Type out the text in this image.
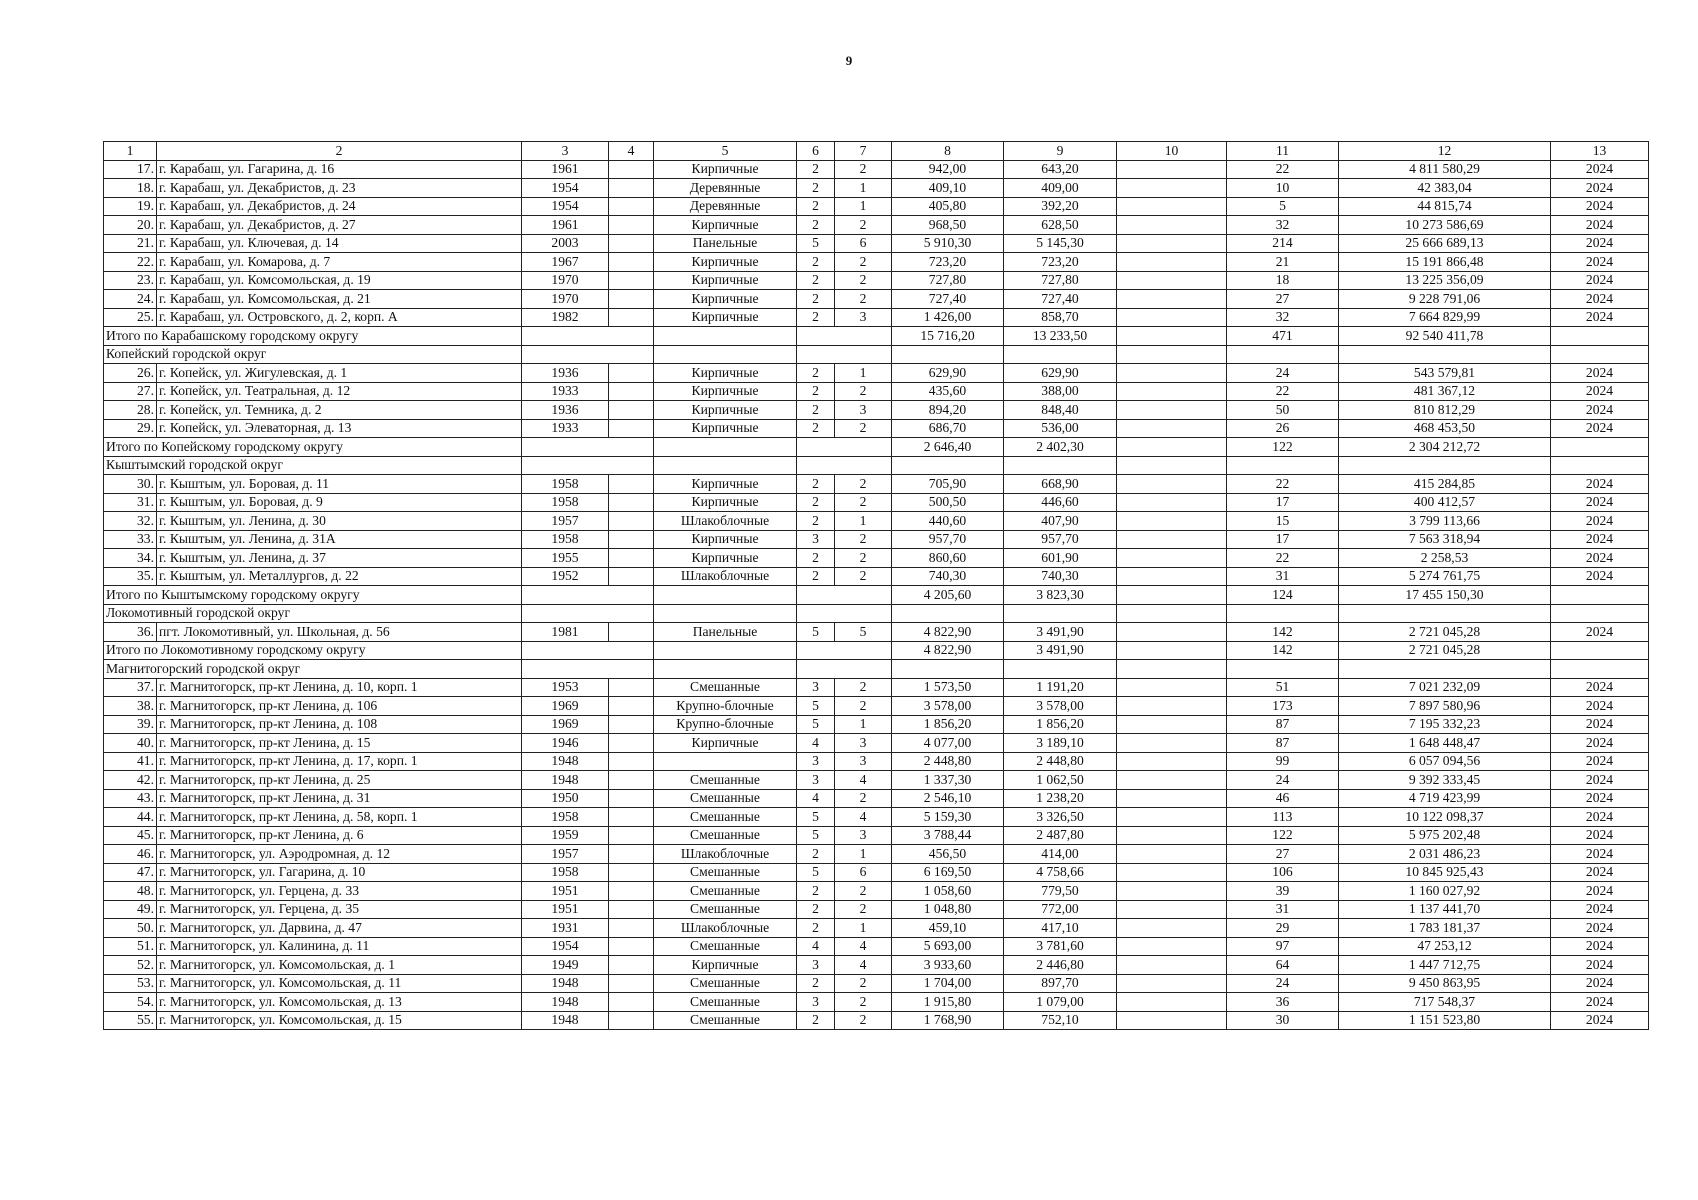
9
1	2	3	4	5	6	7	8	9	10	11	12	13
17.	г. Карабаш, ул. Гагарина, д. 16	1961		Кирпичные	2	2	942,00	643,20		22	4 811 580,29	2024
18.	г. Карабаш, ул. Декабристов, д. 23	1954		Деревянные	2	1	409,10	409,00		10	42 383,04	2024
19.	г. Карабаш, ул. Декабристов, д. 24	1954		Деревянные	2	1	405,80	392,20		5	44 815,74	2024
20.	г. Карабаш, ул. Декабристов, д. 27	1961		Кирпичные	2	2	968,50	628,50		32	10 273 586,69	2024
21.	г. Карабаш, ул. Ключевая, д. 14	2003		Панельные	5	6	5 910,30	5 145,30		214	25 666 689,13	2024
22.	г. Карабаш, ул. Комарова, д. 7	1967		Кирпичные	2	2	723,20	723,20		21	15 191 866,48	2024
23.	г. Карабаш, ул. Комсомольская, д. 19	1970		Кирпичные	2	2	727,80	727,80		18	13 225 356,09	2024
24.	г. Карабаш, ул. Комсомольская, д. 21	1970		Кирпичные	2	2	727,40	727,40		27	9 228 791,06	2024
25.	г. Карабаш, ул. Островского, д. 2, корп. А	1982		Кирпичные	2	3	1 426,00	858,70		32	7 664 829,99	2024
Итого по Карабашскому городскому округу							15 716,20	13 233,50		471	92 540 411,78	
Копейский городской округ												
26.	г. Копейск, ул. Жигулевская, д. 1	1936		Кирпичные	2	1	629,90	629,90		24	543 579,81	2024
27.	г. Копейск, ул. Театральная, д. 12	1933		Кирпичные	2	2	435,60	388,00		22	481 367,12	2024
28.	г. Копейск, ул. Темника, д. 2	1936		Кирпичные	2	3	894,20	848,40		50	810 812,29	2024
29.	г. Копейск, ул. Элеваторная, д. 13	1933		Кирпичные	2	2	686,70	536,00		26	468 453,50	2024
Итого по Копейскому городскому округу							2 646,40	2 402,30		122	2 304 212,72	
Кыштымский городской округ												
30.	г. Кыштым, ул. Боровая, д. 11	1958		Кирпичные	2	2	705,90	668,90		22	415 284,85	2024
31.	г. Кыштым, ул. Боровая, д. 9	1958		Кирпичные	2	2	500,50	446,60		17	400 412,57	2024
32.	г. Кыштым, ул. Ленина, д. 30	1957		Шлакоблочные	2	1	440,60	407,90		15	3 799 113,66	2024
33.	г. Кыштым, ул. Ленина, д. 31А	1958		Кирпичные	3	2	957,70	957,70		17	7 563 318,94	2024
34.	г. Кыштым, ул. Ленина, д. 37	1955		Кирпичные	2	2	860,60	601,90		22	2 258,53	2024
35.	г. Кыштым, ул. Металлургов, д. 22	1952		Шлакоблочные	2	2	740,30	740,30		31	5 274 761,75	2024
Итого по Кыштымскому городскому округу							4 205,60	3 823,30		124	17 455 150,30	
Локомотивный городской округ												
36.	пгт. Локомотивный, ул. Школьная, д. 56	1981		Панельные	5	5	4 822,90	3 491,90		142	2 721 045,28	2024
Итого по Локомотивному городскому округу							4 822,90	3 491,90		142	2 721 045,28	
Магнитогорский городской округ												
37.	г. Магнитогорск, пр-кт Ленина, д. 10, корп. 1	1953		Смешанные	3	2	1 573,50	1 191,20		51	7 021 232,09	2024
38.	г. Магнитогорск, пр-кт Ленина, д. 106	1969		Крупно-блочные	5	2	3 578,00	3 578,00		173	7 897 580,96	2024
39.	г. Магнитогорск, пр-кт Ленина, д. 108	1969		Крупно-блочные	5	1	1 856,20	1 856,20		87	7 195 332,23	2024
40.	г. Магнитогорск, пр-кт Ленина, д. 15	1946		Кирпичные	4	3	4 077,00	3 189,10		87	1 648 448,47	2024
41.	г. Магнитогорск, пр-кт Ленина, д. 17, корп. 1	1948			3	3	2 448,80	2 448,80		99	6 057 094,56	2024
42.	г. Магнитогорск, пр-кт Ленина, д. 25	1948		Смешанные	3	4	1 337,30	1 062,50		24	9 392 333,45	2024
43.	г. Магнитогорск, пр-кт Ленина, д. 31	1950		Смешанные	4	2	2 546,10	1 238,20		46	4 719 423,99	2024
44.	г. Магнитогорск, пр-кт Ленина, д. 58, корп. 1	1958		Смешанные	5	4	5 159,30	3 326,50		113	10 122 098,37	2024
45.	г. Магнитогорск, пр-кт Ленина, д. 6	1959		Смешанные	5	3	3 788,44	2 487,80		122	5 975 202,48	2024
46.	г. Магнитогорск, ул. Аэродромная, д. 12	1957		Шлакоблочные	2	1	456,50	414,00		27	2 031 486,23	2024
47.	г. Магнитогорск, ул. Гагарина, д. 10	1958		Смешанные	5	6	6 169,50	4 758,66		106	10 845 925,43	2024
48.	г. Магнитогорск, ул. Герцена, д. 33	1951		Смешанные	2	2	1 058,60	779,50		39	1 160 027,92	2024
49.	г. Магнитогорск, ул. Герцена, д. 35	1951		Смешанные	2	2	1 048,80	772,00		31	1 137 441,70	2024
50.	г. Магнитогорск, ул. Дарвина, д. 47	1931		Шлакоблочные	2	1	459,10	417,10		29	1 783 181,37	2024
51.	г. Магнитогорск, ул. Калинина, д. 11	1954		Смешанные	4	4	5 693,00	3 781,60		97	47 253,12	2024
52.	г. Магнитогорск, ул. Комсомольская, д. 1	1949		Кирпичные	3	4	3 933,60	2 446,80		64	1 447 712,75	2024
53.	г. Магнитогорск, ул. Комсомольская, д. 11	1948		Смешанные	2	2	1 704,00	897,70		24	9 450 863,95	2024
54.	г. Магнитогорск, ул. Комсомольская, д. 13	1948		Смешанные	3	2	1 915,80	1 079,00		36	717 548,37	2024
55.	г. Магнитогорск, ул. Комсомольская, д. 15	1948		Смешанные	2	2	1 768,90	752,10		30	1 151 523,80	2024
